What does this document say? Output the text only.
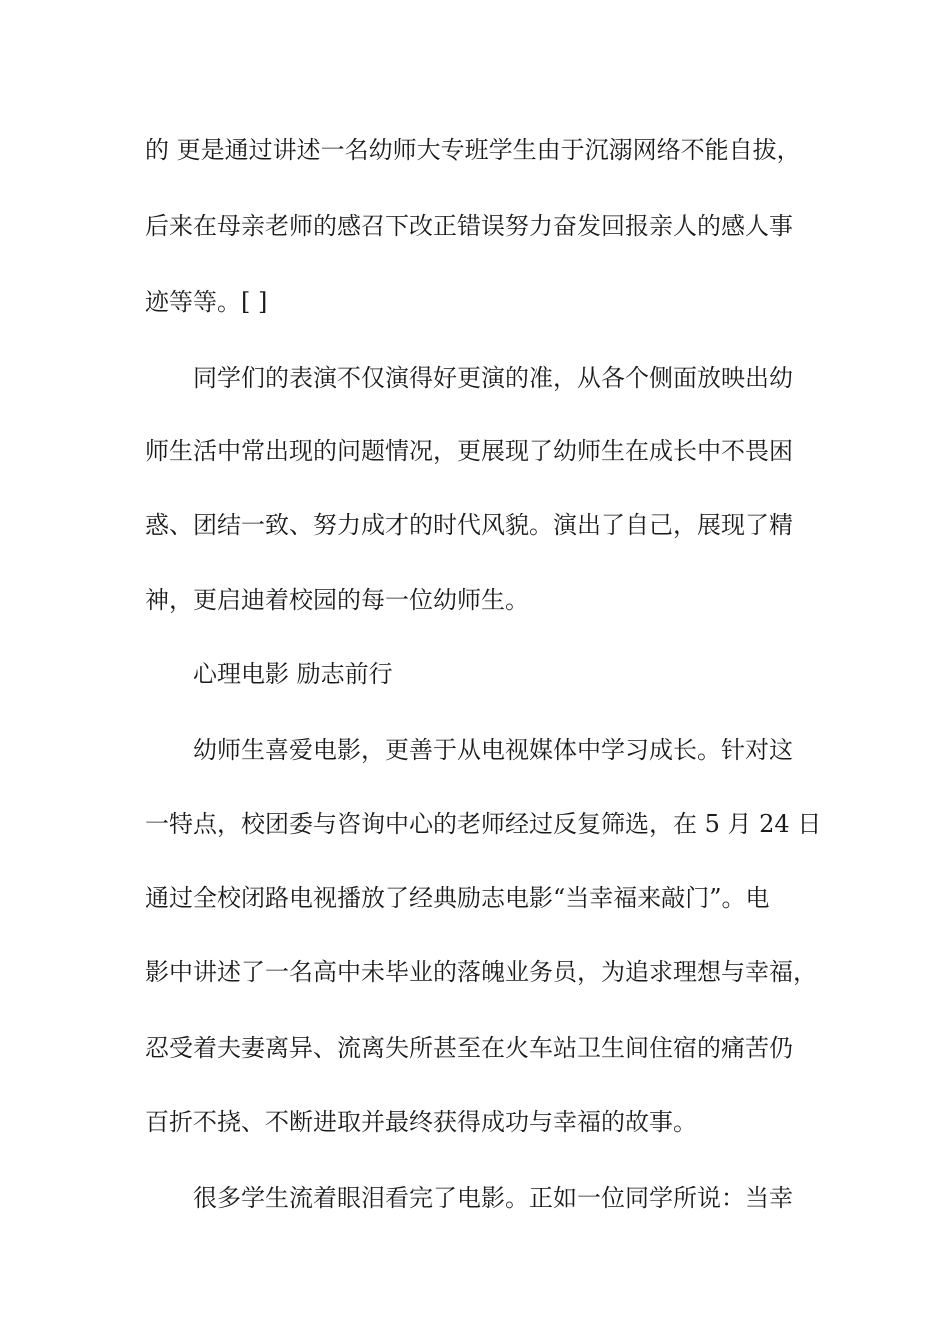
的 更是通过讲述一名幼师大专班学生由于沉溺网络不能自拔，

后来在母亲老师的感召下改正错误努力奋发回报亲人的感人事

迹等等。[ ]

同学们的表演不仅演得好更演的准，从各个侧面放映出幼

师生活中常出现的问题情况，更展现了幼师生在成长中不畏困

惑、团结一致、努力成才的时代风貌。演出了自己，展现了精

神，更启迪着校园的每一位幼师生。

心理电影 励志前行

幼师生喜爱电影，更善于从电视媒体中学习成长。针对这

一特点，校团委与咨询中心的老师经过反复筛选，在 5 月 24 日

通过全校闭路电视播放了经典励志电影“当幸福来敲门”。电

影中讲述了一名高中未毕业的落魄业务员，为追求理想与幸福，

忍受着夫妻离异、流离失所甚至在火车站卫生间住宿的痛苦仍

百折不挠、不断进取并最终获得成功与幸福的故事。

很多学生流着眼泪看完了电影。正如一位同学所说：当幸
